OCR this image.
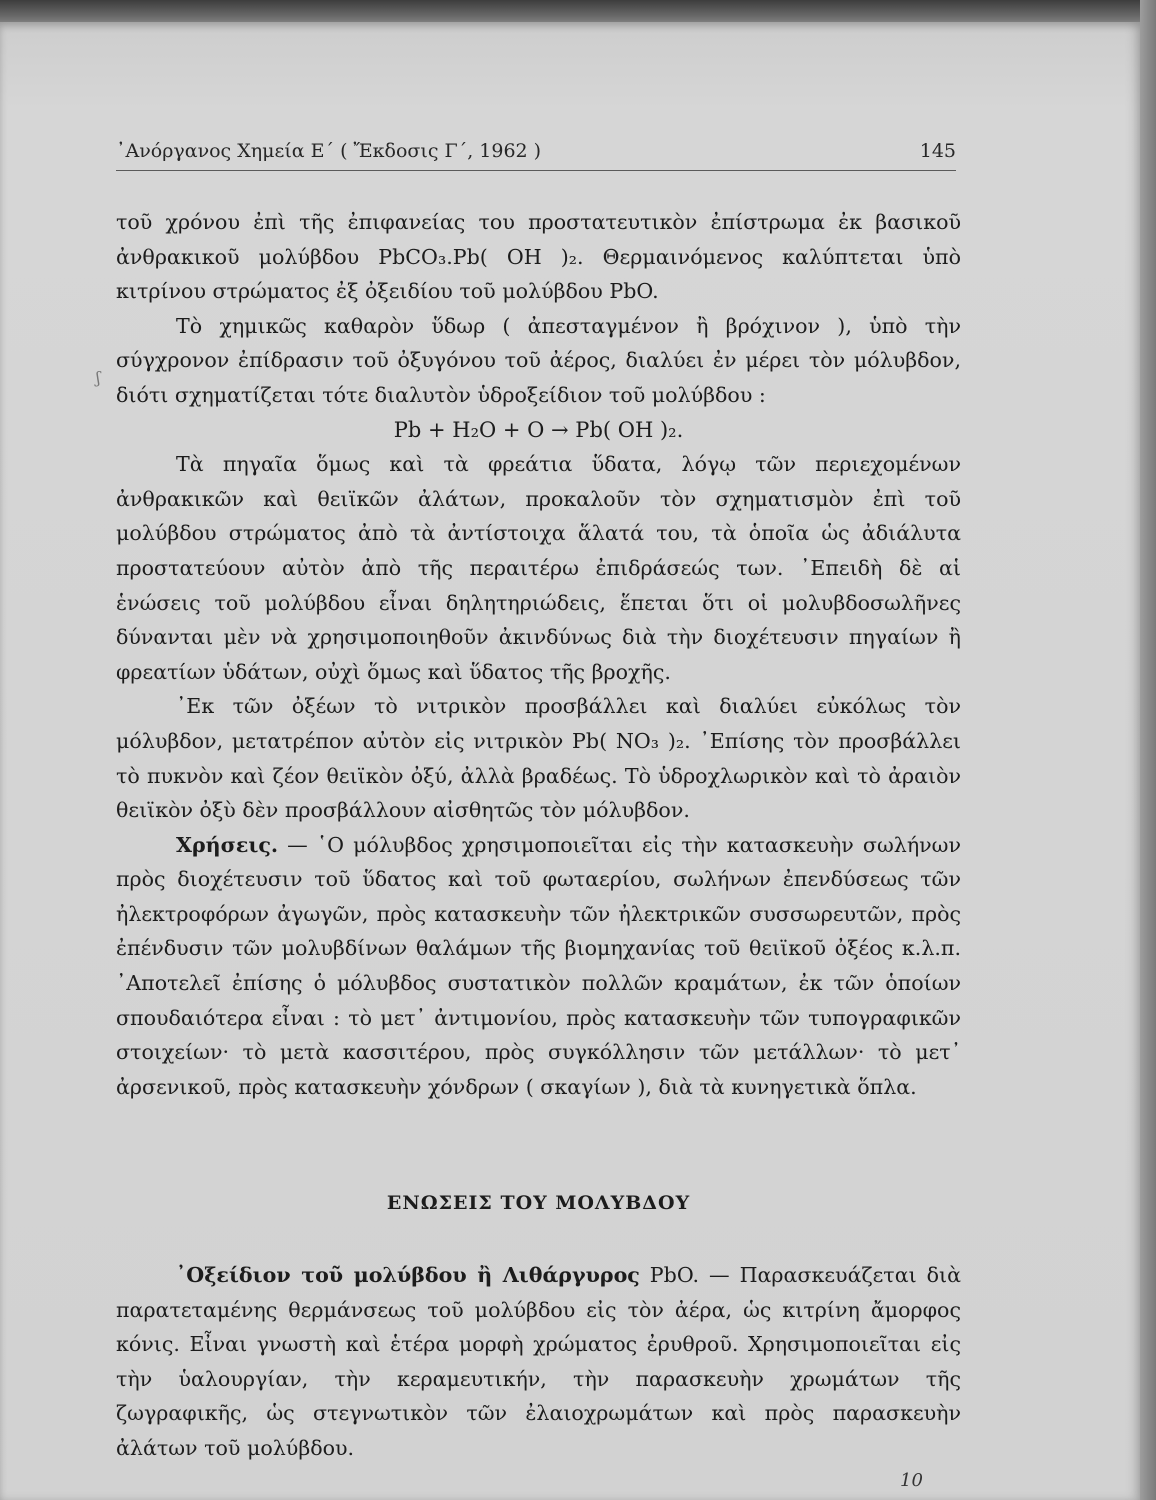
᾿Ανόργανος Χημεία Ε΄ ( Ἔκδοσις Γ΄, 1962 )	145
ʃ

τοῦ χρόνου ἐπὶ τῆς ἐπιφανείας του προστατευτικὸν ἐπίστρωμα ἐκ βασικοῦ ἀνθρακικοῦ μολύβδου PbCO₃.Pb( OH )₂. Θερμαινόμενος καλύπτεται ὑπὸ κιτρίνου στρώματος ἐξ ὀξειδίου τοῦ μολύβδου PbO.

Τὸ χημικῶς καθαρὸν ὕδωρ ( ἀπεσταγμένον ἢ βρόχινον ), ὑπὸ τὴν σύγχρονον ἐπίδρασιν τοῦ ὀξυγόνου τοῦ ἀέρος, διαλύει ἐν μέρει τὸν μόλυβδον, διότι σχηματίζεται τότε διαλυτὸν ὑδροξείδιον τοῦ μολύβδου :

Pb + H₂O + O → Pb( OH )₂.

Τὰ πηγαῖα ὅμως καὶ τὰ φρεάτια ὕδατα, λόγῳ τῶν περιεχομένων ἀνθρακικῶν καὶ θειϊκῶν ἀλάτων, προκαλοῦν τὸν σχηματισμὸν ἐπὶ τοῦ μολύβδου στρώματος ἀπὸ τὰ ἀντίστοιχα ἅλατά του, τὰ ὁποῖα ὡς ἀδιάλυτα προστατεύουν αὐτὸν ἀπὸ τῆς περαιτέρω ἐπιδράσεώς των. ᾿Επειδὴ δὲ αἱ ἑνώσεις τοῦ μολύβδου εἶναι δηλητηριώδεις, ἕπεται ὅτι οἱ μολυβδοσωλῆνες δύνανται μὲν νὰ χρησιμοποιηθοῦν ἀκινδύνως διὰ τὴν διοχέτευσιν πηγαίων ἢ φρεατίων ὑδάτων, οὐχὶ ὅμως καὶ ὕδατος τῆς βροχῆς.

᾿Εκ τῶν ὀξέων τὸ νιτρικὸν προσβάλλει καὶ διαλύει εὐκόλως τὸν μόλυβδον, μετατρέπον αὐτὸν εἰς νιτρικὸν Pb( NO₃ )₂. ᾿Επίσης τὸν προσβάλλει τὸ πυκνὸν καὶ ζέον θειϊκὸν ὀξύ, ἀλλὰ βραδέως. Τὸ ὑδροχλωρικὸν καὶ τὸ ἀραιὸν θειϊκὸν ὀξὺ δὲν προσβάλλουν αἰσθητῶς τὸν μόλυβδον.

Χρήσεις. — ῾Ο μόλυβδος χρησιμοποιεῖται εἰς τὴν κατασκευὴν σωλήνων πρὸς διοχέτευσιν τοῦ ὕδατος καὶ τοῦ φωταερίου, σωλήνων ἐπενδύσεως τῶν ἠλεκτροφόρων ἀγωγῶν, πρὸς κατασκευὴν τῶν ἠλεκτρικῶν συσσωρευτῶν, πρὸς ἐπένδυσιν τῶν μολυβδίνων θαλάμων τῆς βιομηχανίας τοῦ θειϊκοῦ ὀξέος κ.λ.π. ᾿Αποτελεῖ ἐπίσης ὁ μόλυβδος συστατικὸν πολλῶν κραμάτων, ἐκ τῶν ὁποίων σπουδαιότερα εἶναι : τὸ μετ᾿ ἀντιμονίου, πρὸς κατασκευὴν τῶν τυπογραφικῶν στοιχείων· τὸ μετὰ κασσιτέρου, πρὸς συγκόλλησιν τῶν μετάλλων· τὸ μετ᾿ ἀρσενικοῦ, πρὸς κατασκευὴν χόνδρων ( σκαγίων ), διὰ τὰ κυνηγετικὰ ὅπλα.

ΕΝΩΣΕΙΣ ΤΟΥ ΜΟΛΥΒΔΟΥ

᾿Οξείδιον τοῦ μολύβδου ἢ Λιθάργυρος PbO. — Παρασκευάζεται διὰ παρατεταμένης θερμάνσεως τοῦ μολύβδου εἰς τὸν ἀέρα, ὡς κιτρίνη ἄμορφος κόνις. Εἶναι γνωστὴ καὶ ἑτέρα μορφὴ χρώματος ἐρυθροῦ. Χρησιμοποιεῖται εἰς τὴν ὑαλουργίαν, τὴν κεραμευτικήν, τὴν παρασκευὴν χρωμάτων τῆς ζωγραφικῆς, ὡς στεγνωτικὸν τῶν ἐλαιοχρωμάτων καὶ πρὸς παρασκευὴν ἀλάτων τοῦ μολύβδου.

10
